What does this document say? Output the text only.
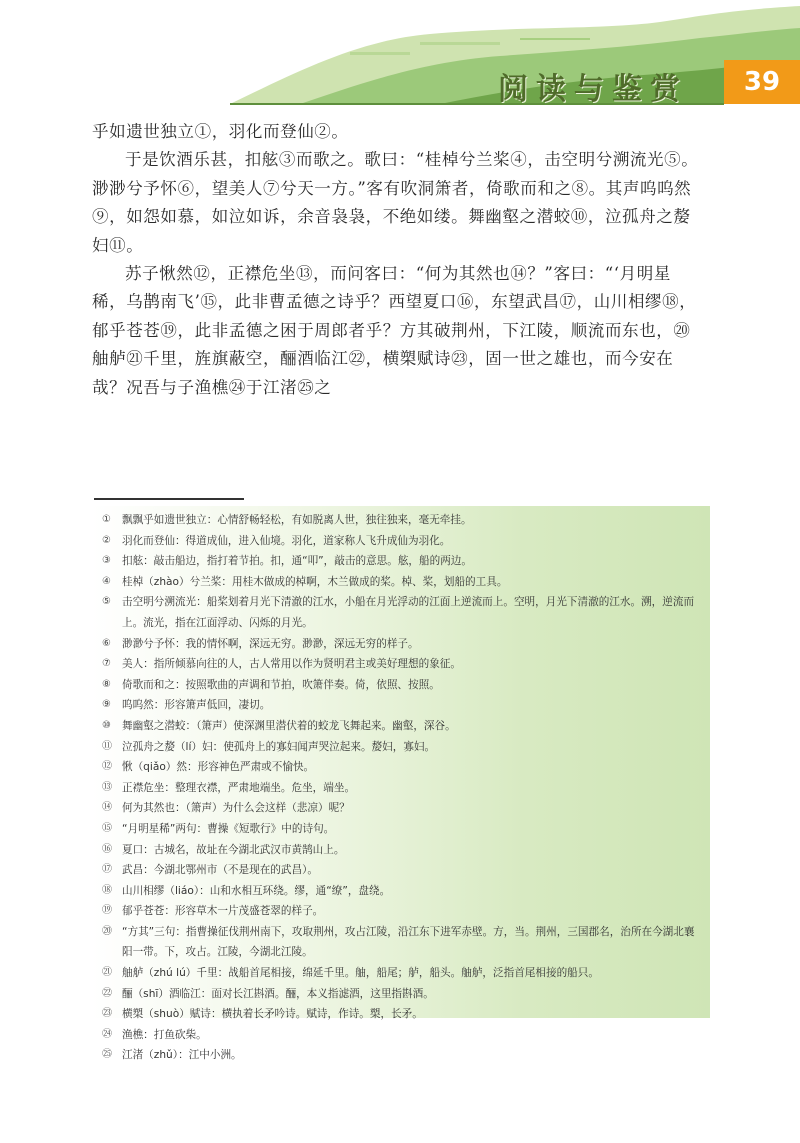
阅读与鉴赏	39

乎如遗世独立①，羽化而登仙②。

于是饮酒乐甚，扣舷③而歌之。歌曰：“桂棹兮兰桨④，击空明兮溯流光⑤。渺渺兮予怀⑥，望美人⑦兮天一方。”客有吹洞箫者，倚歌而和之⑧。其声呜呜然⑨，如怨如慕，如泣如诉，余音袅袅，不绝如缕。舞幽壑之潜蛟⑩，泣孤舟之嫠妇⑪。

苏子愀然⑫，正襟危坐⑬，而问客曰：“何为其然也⑭？”客曰：“‘月明星稀，乌鹊南飞’⑮，此非曹孟德之诗乎？西望夏口⑯，东望武昌⑰，山川相缪⑱，郁乎苍苍⑲，此非孟德之困于周郎者乎？方其破荆州，下江陵，顺流而东也，⑳舳舻㉑千里，旌旗蔽空，酾酒临江㉒，横槊赋诗㉓，固一世之雄也，而今安在哉？况吾与子渔樵㉔于江渚㉕之

①	飘飘乎如遗世独立：心情舒畅轻松，有如脱离人世，独往独来，毫无牵挂。
②	羽化而登仙：得道成仙，进入仙境。羽化，道家称人飞升成仙为羽化。
③	扣舷：敲击船边，指打着节拍。扣，通“叩”，敲击的意思。舷，船的两边。
④	桂棹（zhào）兮兰桨：用桂木做成的棹啊，木兰做成的桨。棹、桨，划船的工具。
⑤	击空明兮溯流光：船桨划着月光下清澈的江水，小船在月光浮动的江面上逆流而上。空明，月光下清澈的江水。溯，逆流而上。流光，指在江面浮动、闪烁的月光。
⑥	渺渺兮予怀：我的情怀啊，深远无穷。渺渺，深远无穷的样子。
⑦	美人：指所倾慕向往的人，古人常用以作为贤明君主或美好理想的象征。
⑧	倚歌而和之：按照歌曲的声调和节拍，吹箫伴奏。倚，依照、按照。
⑨	呜呜然：形容箫声低回，凄切。
⑩	舞幽壑之潜蛟：（箫声）使深渊里潜伏着的蛟龙飞舞起来。幽壑，深谷。
⑪ 泣孤舟之嫠（lí）妇：使孤舟上的寡妇闻声哭泣起来。嫠妇，寡妇。
⑫ 愀（qiǎo）然：形容神色严肃或不愉快。
⑬ 正襟危坐：整理衣襟，严肃地端坐。危坐，端坐。
⑭ 何为其然也：（箫声）为什么会这样（悲凉）呢？
⑮ “月明星稀”两句：曹操《短歌行》中的诗句。
⑯ 夏口：古城名，故址在今湖北武汉市黄鹄山上。
⑰ 武昌：今湖北鄂州市（不是现在的武昌）。
⑱ 山川相缪（liáo）：山和水相互环绕。缪，通“缭”，盘绕。
⑲ 郁乎苍苍：形容草木一片茂盛苍翠的样子。
⑳ “方其”三句：指曹操征伐荆州南下，攻取荆州，攻占江陵，沿江东下进军赤壁。方，当。荆州，三国郡名，治所在今湖北襄阳一带。下，攻占。江陵，今湖北江陵。
㉑ 舳舻（zhú lú）千里：战船首尾相接，绵延千里。舳，船尾；舻，船头。舳舻，泛指首尾相接的船只。
㉒ 酾（shī）酒临江：面对长江斟酒。酾，本义指滤酒，这里指斟酒。
㉓ 横槊（shuò）赋诗：横执着长矛吟诗。赋诗，作诗。槊，长矛。
㉔ 渔樵：打鱼砍柴。
㉕ 江渚（zhǔ）：江中小洲。
